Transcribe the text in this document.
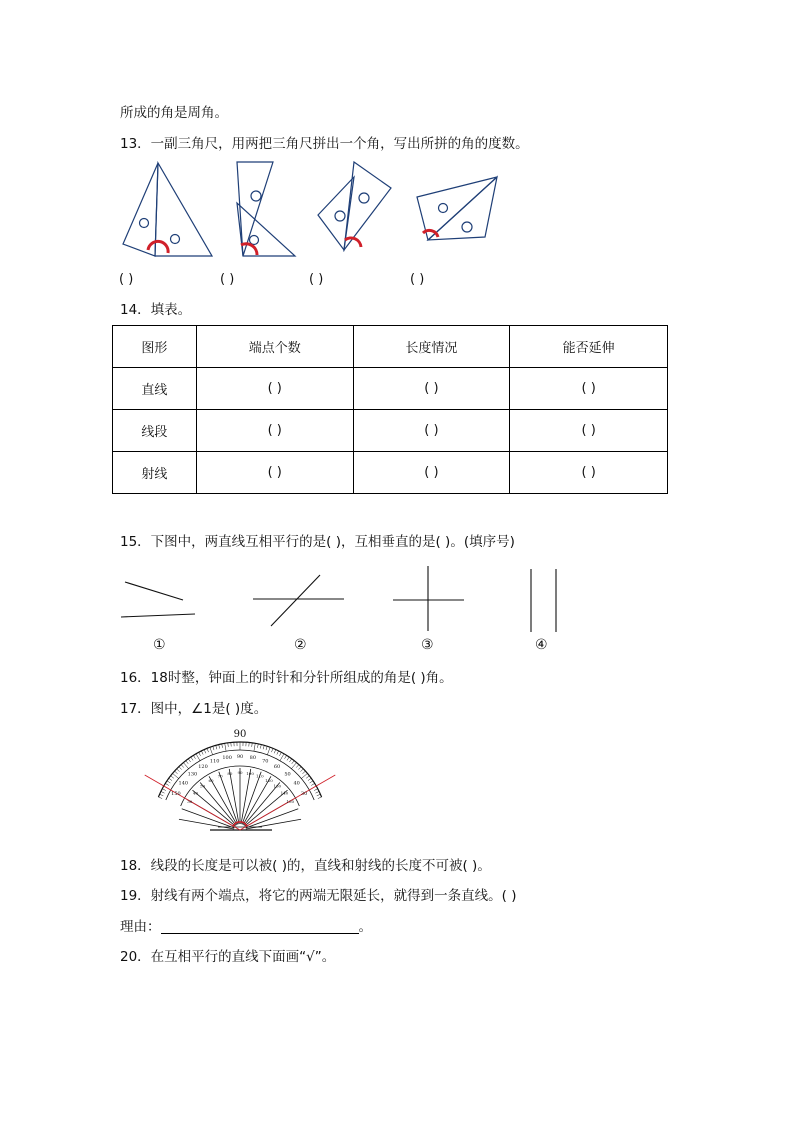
所成的角是周角。
13．一副三角尺，用两把三角尺拼出一个角，写出所拼的角的度数。
( )	( )	( )	( )
14．填表。
图形	端点个数	长度情况	能否延伸
直线	( )	( )	( )
线段	( )	( )	( )
射线	( )	( )	( )
15．下图中，两直线互相平行的是( )，互相垂直的是( )。(填序号)
①	②	③	④
16．18时整，钟面上的时针和分针所组成的角是( )角。
17．图中，∠1是( )度。
30
40
50
60
70
80
90
100
110
120
130
140
150
150
140
130
120
110
100
90
80
70
60
50
40
30
90
18．线段的长度是可以被( )的，直线和射线的长度不可被( )。
19．射线有两个端点，将它的两端无限延长，就得到一条直线。( )
理由：	。
20．在互相平行的直线下面画“√”。
